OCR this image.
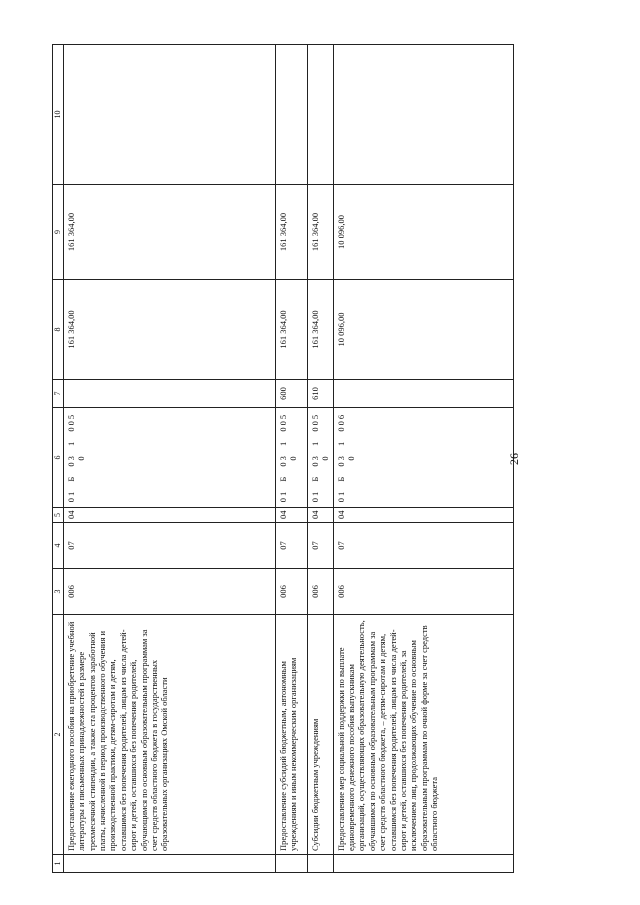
1	2	3	4	5	6	7	8	9	10
	Предоставление ежегодного пособия на приобретение учебной литературы и письменных принадлежностей в размере трехмесячной стипендии, а также ста процентов заработной платы, начисленной в период производственного обучения и производственной практики, детям-сиротам и детям, оставшимся без попечения родителей, лицам из числа детей-сирот и детей, оставшихся без попечения родителей, обучающимся по основным образовательным программам за счет средств областного бюджета в государственных образовательных организациях Омской области	006	07	04	01 Б 03 1 005 0		161 364,00	161 364,00	
	Предоставление субсидий бюджетным, автономным учреждениям и иным некоммерческим организациям	006	07	04	01 Б 03 1 005 0	600	161 364,00	161 364,00	
	Субсидии бюджетным учреждениям	006	07	04	01 Б 03 1 005 0	610	161 364,00	161 364,00	
	Предоставление мер социальной поддержки по выплате единовременного денежного пособия выпускникам организаций, осуществляющих образовательную деятельность, обучавшимся по основным образовательным программам за счет средств областного бюджета, – детям-сиротам и детям, оставшимся без попечения родителей, лицам из числа детей-сирот и детей, оставшихся без попечения родителей, за исключением лиц, продолжающих обучение по основным образовательным программам по очной форме за счет средств областного бюджета	006	07	04	01 Б 03 1 006 0		10 096,00	10 096,00	
26
